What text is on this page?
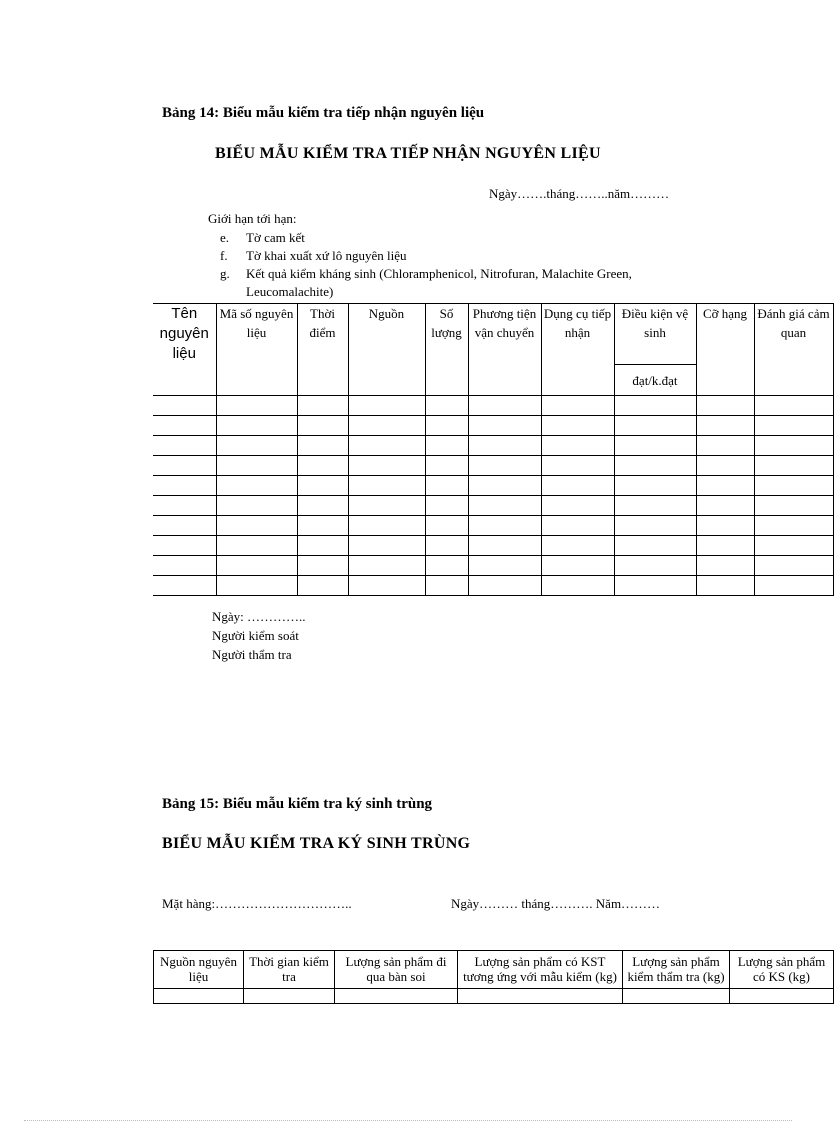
Bảng 14: Biểu mẫu kiểm tra tiếp nhận nguyên liệu
BIỂU MẪU KIỂM TRA TIẾP NHẬN NGUYÊN LIỆU
Ngày…….tháng……..năm………
Giới hạn tới hạn:
e.	Tờ cam kết
f.	Tờ khai xuất xứ lô nguyên liệu
g.	Kết quả kiểm kháng sinh (Chloramphenicol, Nitrofuran, Malachite Green, Leucomalachite)
Tên nguyên liệu	Mã số nguyên liệu	Thời điểm	Nguồn	Số lượng	Phương tiện vận chuyển	Dụng cụ tiếp nhận	Điều kiện vệ sinh	Cỡ hạng	Đánh giá cảm quan
							đạt/k.đạt		

Ngày: …………..
Người kiểm soát
Người thẩm tra
Bảng 15: Biểu mẫu kiểm tra ký sinh trùng
BIỂU MẪU KIỂM TRA KÝ SINH TRÙNG
Mặt hàng:…………………………..	Ngày……… tháng………. Năm………
Nguồn nguyên liệu	Thời gian kiểm tra	Lượng sản phẩm đi qua bàn soi	Lượng sản phẩm có KST tương ứng với mẫu kiểm (kg)	Lượng sản phẩm kiểm thẩm tra (kg)	Lượng sản phẩm có KS (kg)
